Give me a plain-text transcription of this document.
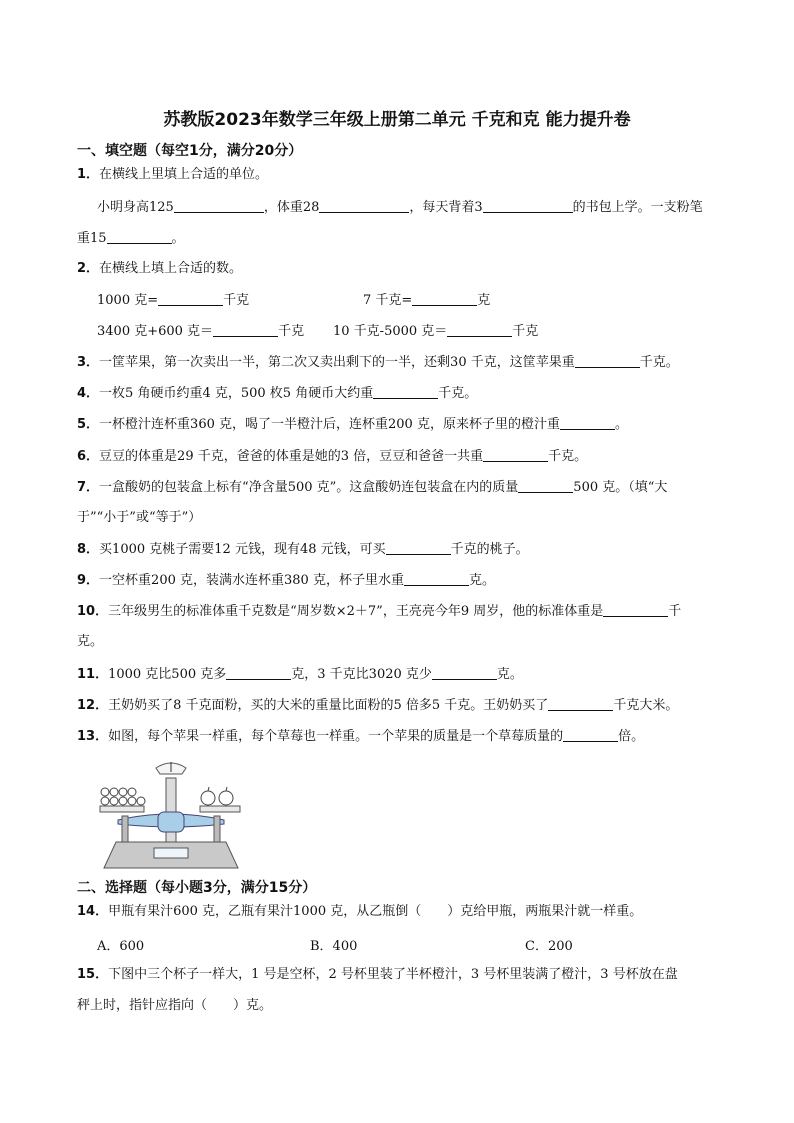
苏教版2023年数学三年级上册第二单元 千克和克 能力提升卷
一、填空题（每空1分，满分20分）
1．在横线上里填上合适的单位。
小明身高125	，体重28	，每天背着3	的书包上学。一支粉笔
重15	。
2．在横线上填上合适的数。
1000 克=	千克	7 千克=	克
3400 克+600 克＝	千克 10 千克-5000 克＝	千克
3．一筐苹果，第一次卖出一半，第二次又卖出剩下的一半，还剩30 千克，这筐苹果重	千克。
4．一枚5 角硬币约重4 克，500 枚5 角硬币大约重	千克。
5．一杯橙汁连杯重360 克，喝了一半橙汁后，连杯重200 克，原来杯子里的橙汁重	。
6．豆豆的体重是29 千克，爸爸的体重是她的3 倍，豆豆和爸爸一共重	千克。
7．一盒酸奶的包装盒上标有“净含量500 克”。这盒酸奶连包装盒在内的质量	500 克。（填“大
于”“小于”或“等于”）
8．买1000 克桃子需要12 元钱，现有48 元钱，可买	千克的桃子。
9．一空杯重200 克，装满水连杯重380 克，杯子里水重	克。
10．三年级男生的标准体重千克数是“周岁数×2＋7”，王亮亮今年9 周岁，他的标准体重是	千
克。
11．1000 克比500 克多	克，3 千克比3020 克少	克。
12．王奶奶买了8 千克面粉，买的大米的重量比面粉的5 倍多5 千克。王奶奶买了	千克大米。
13．如图，每个苹果一样重，每个草莓也一样重。一个苹果的质量是一个草莓质量的	倍。
二、选择题（每小题3分，满分15分）
14．甲瓶有果汁600 克，乙瓶有果汁1000 克，从乙瓶倒（　　）克给甲瓶，两瓶果汁就一样重。
A．600	B．400	C．200
15．下图中三个杯子一样大，1 号是空杯，2 号杯里装了半杯橙汁，3 号杯里装满了橙汁，3 号杯放在盘
秤上时，指针应指向（　　）克。
